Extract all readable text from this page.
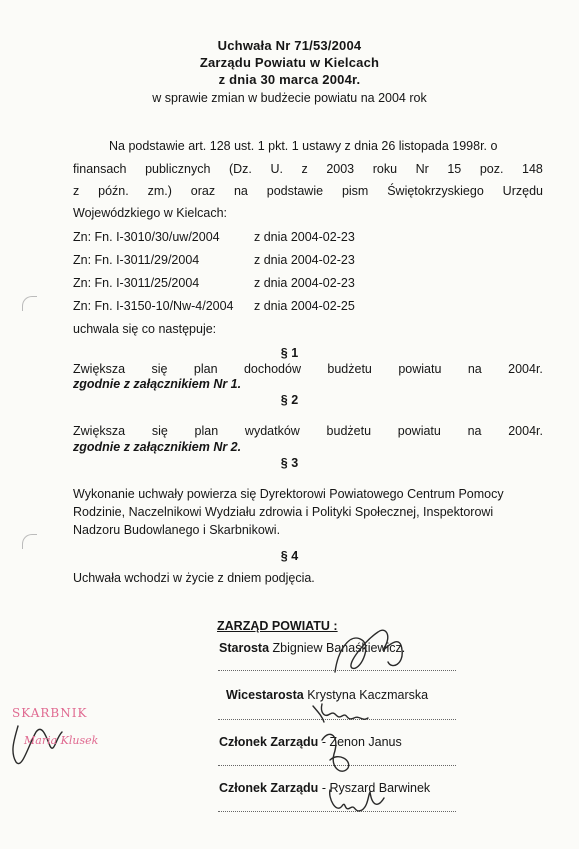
Uchwała Nr 71/53/2004
Zarządu Powiatu w Kielcach
z dnia 30 marca 2004r.
w sprawie zmian w budżecie powiatu na 2004 rok
Na podstawie art. 128 ust. 1 pkt. 1 ustawy z dnia 26 listopada 1998r. o
finansach publicznych (Dz. U. z 2003 roku Nr 15 poz. 148
z późn. zm.) oraz na podstawie pism Świętokrzyskiego Urzędu
Wojewódzkiego w Kielcach:
Zn: Fn. I-3010/30/uw/2004	z dnia 2004-02-23
Zn: Fn. I-3011/29/2004	z dnia 2004-02-23
Zn: Fn. I-3011/25/2004	z dnia 2004-02-23
Zn: Fn. I-3150-10/Nw-4/2004 z dnia 2004-02-25
uchwala się co następuje:
§ 1
Zwiększa się plan dochodów budżetu powiatu na 2004r.
zgodnie z załącznikiem Nr 1.
§ 2
Zwiększa się plan wydatków budżetu powiatu na 2004r.
zgodnie z załącznikiem Nr 2.
§ 3
Wykonanie uchwały powierza się Dyrektorowi Powiatowego Centrum Pomocy
Rodzinie, Naczelnikowi Wydziału zdrowia i Polityki Społecznej, Inspektorowi
Nadzoru Budowlanego i Skarbnikowi.
§ 4
Uchwała wchodzi w życie z dniem podjęcia.
ZARZĄD POWIATU :
Starosta Zbigniew Banaśkiewicz.
Wicestarosta Krystyna Kaczmarska
Członek Zarządu - Zenon Janus
Członek Zarządu - Ryszard Barwinek
SKARBNIK
Maria Klusek
